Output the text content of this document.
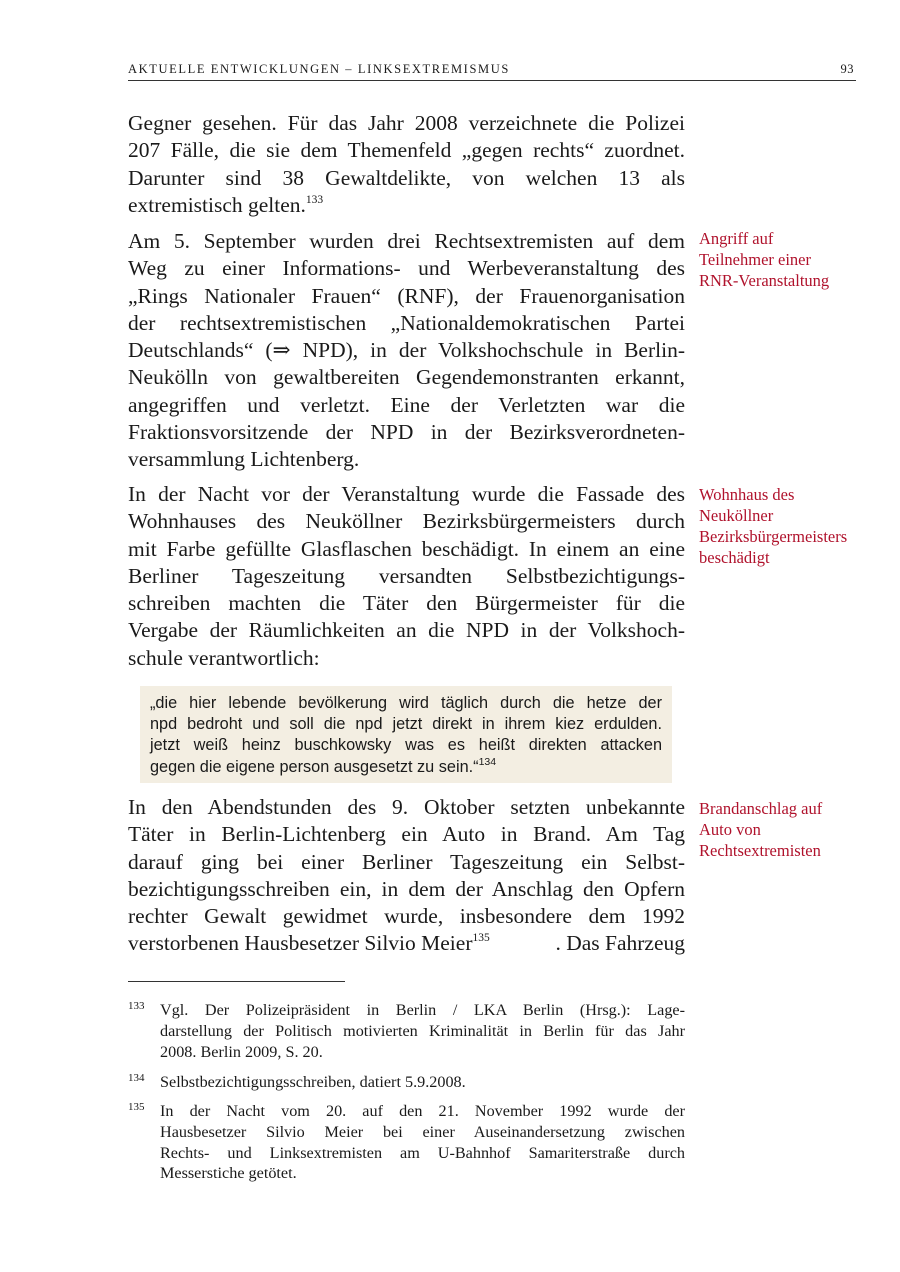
AKTUELLE ENTWICKLUNGEN – LINKSEXTREMISMUS	93
Gegner gesehen. Für das Jahr 2008 verzeichnete die Polizei
207 Fälle, die sie dem Themenfeld „gegen rechts“ zuordnet.
Darunter sind 38 Gewaltdelikte, von welchen 13 als
extremistisch gelten.$^{133}$
Am 5. September wurden drei Rechtsextremisten auf dem
Weg zu einer Informations- und Werbeveranstaltung des
„Rings Nationaler Frauen“ (RNF), der Frauenorganisation
der rechtsextremistischen „Nationaldemokratischen Partei
Deutschlands“ (⇒ NPD), in der Volkshochschule in Berlin-
Neukölln von gewaltbereiten Gegendemonstranten erkannt,
angegriffen und verletzt. Eine der Verletzten war die
Fraktionsvorsitzende der NPD in der Bezirksverordneten-
versammlung Lichtenberg.
In der Nacht vor der Veranstaltung wurde die Fassade des
Wohnhauses des Neuköllner Bezirksbürgermeisters durch
mit Farbe gefüllte Glasflaschen beschädigt. In einem an eine
Berliner Tageszeitung versandten Selbstbezichtigungs-
schreiben machten die Täter den Bürgermeister für die
Vergabe der Räumlichkeiten an die NPD in der Volkshoch-
schule verantwortlich:
„die hier lebende bevölkerung wird täglich durch die hetze der
npd bedroht und soll die npd jetzt direkt in ihrem kiez erdulden.
jetzt weiß heinz buschkowsky was es heißt direkten attacken
gegen die eigene person ausgesetzt zu sein.“$^{134}$
In den Abendstunden des 9. Oktober setzten unbekannte
Täter in Berlin-Lichtenberg ein Auto in Brand. Am Tag
darauf ging bei einer Berliner Tageszeitung ein Selbst-
bezichtigungsschreiben ein, in dem der Anschlag den Opfern
rechter Gewalt gewidmet wurde, insbesondere dem 1992
verstorbenen Hausbesetzer Silvio Meier$^{135}$	. Das Fahrzeug
Angriff auf
Teilnehmer einer
RNR-Veranstaltung
Wohnhaus des
Neuköllner
Bezirksbürgermeisters
beschädigt
Brandanschlag auf
Auto von
Rechtsextremisten
133 Vgl. Der Polizeipräsident in Berlin / LKA Berlin (Hrsg.): Lage-
darstellung der Politisch motivierten Kriminalität in Berlin für das Jahr
2008. Berlin 2009, S. 20.
134 Selbstbezichtigungsschreiben, datiert 5.9.2008.
135 In der Nacht vom 20. auf den 21. November 1992 wurde der
Hausbesetzer Silvio Meier bei einer Auseinandersetzung zwischen
Rechts- und Linksextremisten am U-Bahnhof Samariterstraße durch
Messerstiche getötet.
